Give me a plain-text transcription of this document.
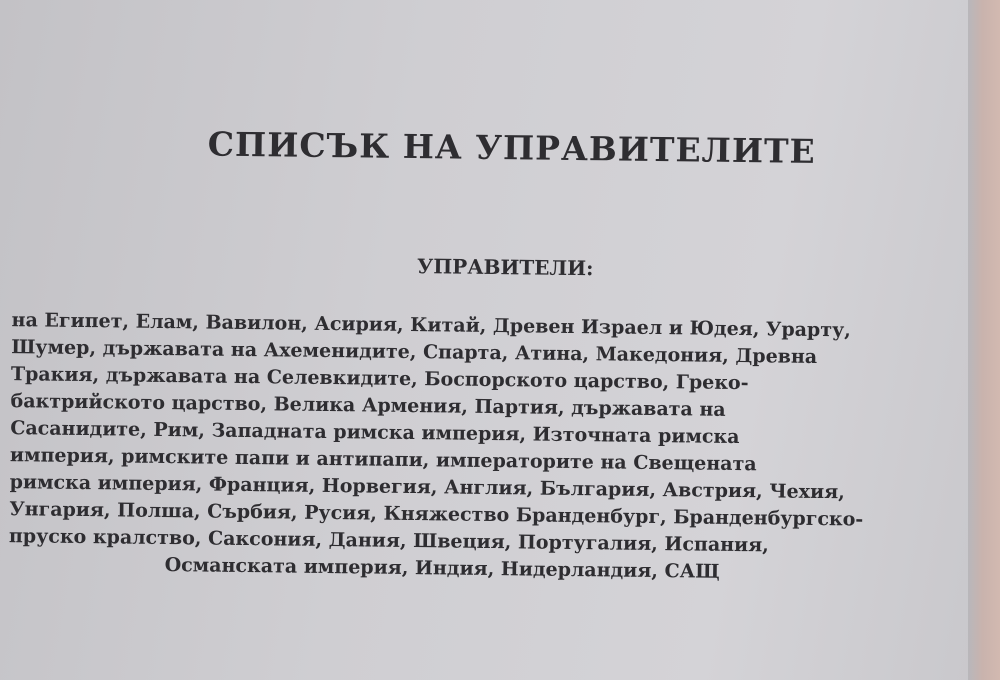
СПИСЪК НА УПРАВИТЕЛИТЕ
УПРАВИТЕЛИ:
на Египет, Елам, Вавилон, Асирия, Китай, Древен Израел и Юдея, Урарту,
Шумер, държавата на Ахеменидите, Спарта, Атина, Македония, Древна
Тракия, държавата на Селевкидите, Боспорското царство, Греко-
бактрийското царство, Велика Армения, Партия, държавата на
Сасанидите, Рим, Западната римска империя, Източната римска
империя, римските папи и антипапи, императорите на Свещената
римска империя, Франция, Норвегия, Англия, България, Австрия, Чехия,
Унгария, Полша, Сърбия, Русия, Княжество Бранденбург, Бранденбургско-
пруско кралство, Саксония, Дания, Швеция, Португалия, Испания,
Османската империя, Индия, Нидерландия, САЩ
